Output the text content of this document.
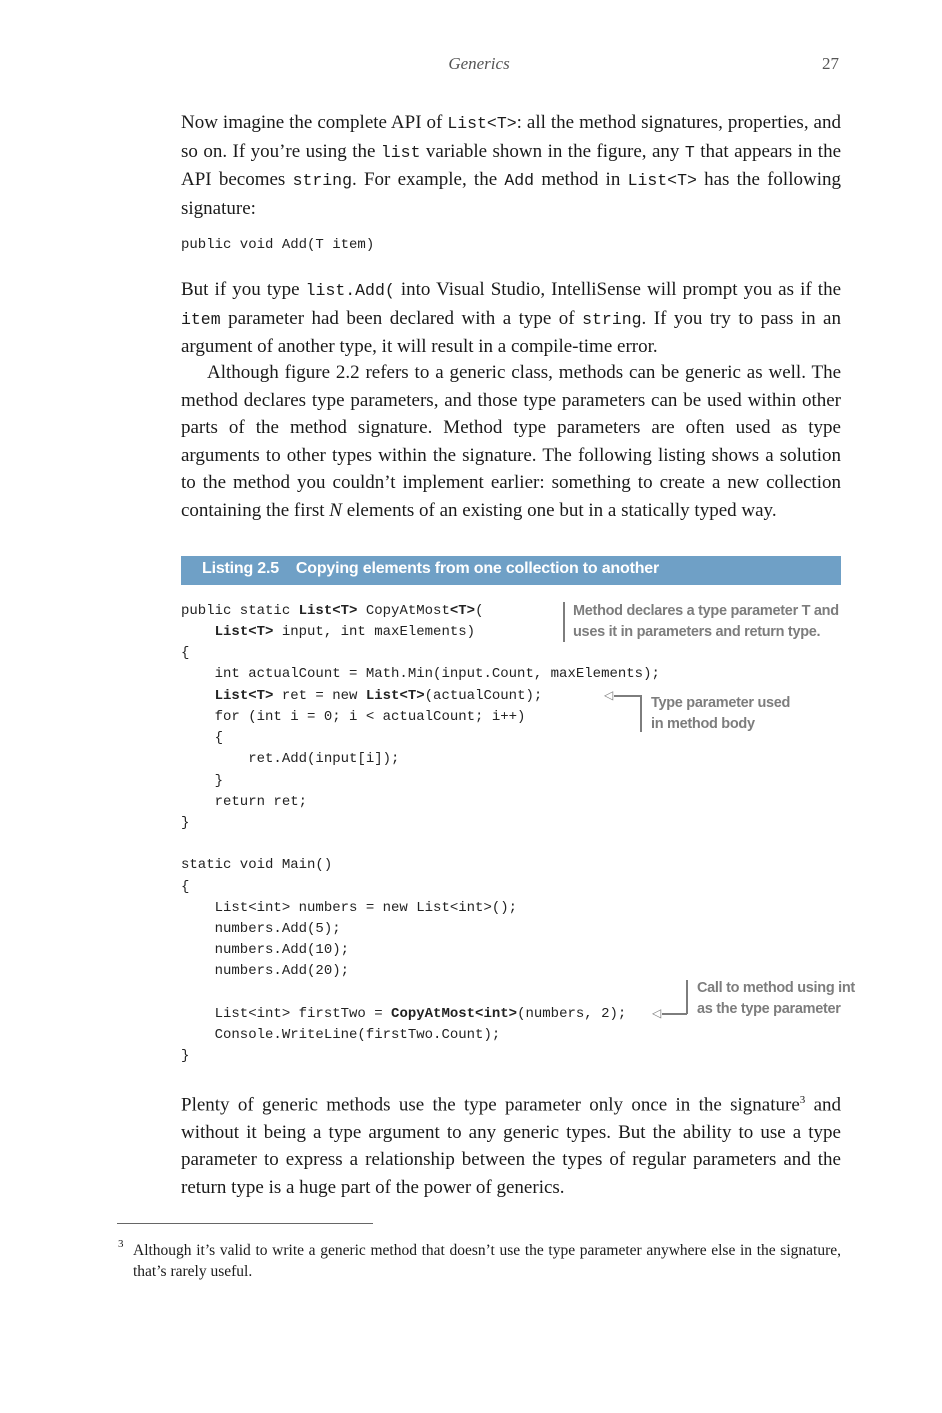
Generics	27

Now imagine the complete API of List<T>: all the method signatures, properties, and so on. If you’re using the list variable shown in the figure, any T that appears in the API becomes string. For example, the Add method in List<T> has the following signature:

public void Add(T item)

But if you type list.Add( into Visual Studio, IntelliSense will prompt you as if the item parameter had been declared with a type of string. If you try to pass in an argument of another type, it will result in a compile-time error.

Although figure 2.2 refers to a generic class, methods can be generic as well. The method declares type parameters, and those type parameters can be used within other parts of the method signature. Method type parameters are often used as type arguments to other types within the signature. The following listing shows a solution to the method you couldn’t implement earlier: something to create a new collection containing the first N elements of an existing one but in a statically typed way.

Listing 2.5    Copying elements from one collection to another
public static List<T> CopyAtMost<T>(
List<T> input, int maxElements)
{
int actualCount = Math.Min(input.Count, maxElements);
List<T> ret = new List<T>(actualCount);
for (int i = 0; i < actualCount; i++)
{
ret.Add(input[i]);
}
return ret;
}
static void Main()
{
List<int> numbers = new List<int>();
numbers.Add(5);
numbers.Add(10);
numbers.Add(20);
List<int> firstTwo = CopyAtMost<int>(numbers, 2);
Console.WriteLine(firstTwo.Count);
}
Method declares a type parameter T and
uses it in parameters and return type.
◁	Type parameter used
in method body
◁
Call to method using int
as the type parameter

Plenty of generic methods use the type parameter only once in the signature$^3$ and without it being a type argument to any generic types. But the ability to use a type parameter to express a relationship between the types of regular parameters and the return type is a huge part of the power of generics.

3 Although it’s valid to write a generic method that doesn’t use the type parameter anywhere else in the signature, that’s rarely useful.
